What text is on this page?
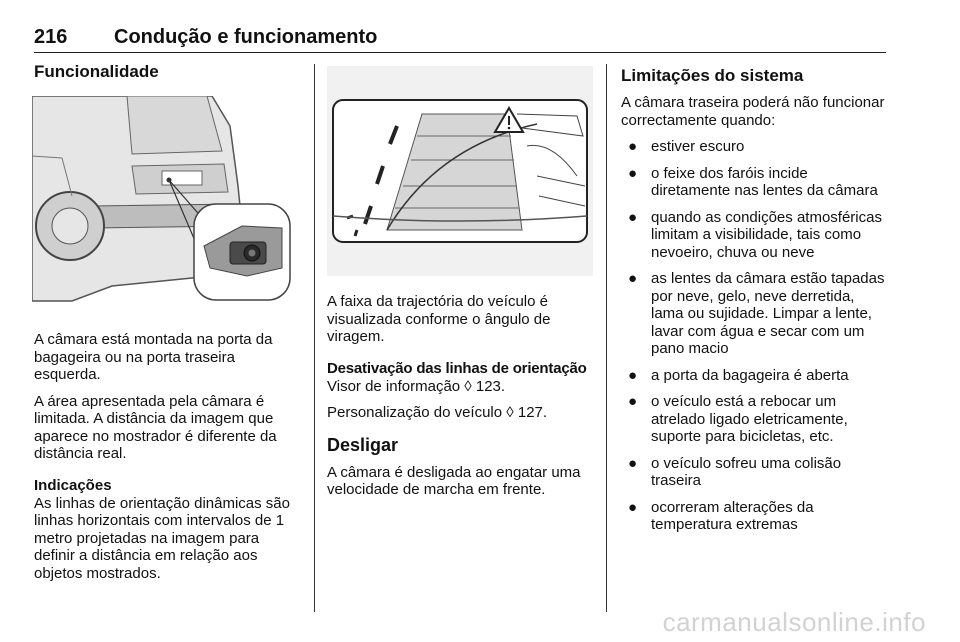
216 Condução e funcionamento
Funcionalidade

A câmara está montada na porta da bagageira ou na porta traseira esquerda.

A área apresentada pela câmara é limitada. A distância da imagem que aparece no mostrador é diferente da distância real.

Indicações

As linhas de orientação dinâmicas são linhas horizontais com intervalos de 1 metro projetadas na imagem para definir a distância em relação aos objetos mostrados.

A faixa da trajectória do veículo é visualizada conforme o ângulo de viragem.

Desativação das linhas de orientação

Visor de informação ◊ 123.

Personalização do veículo ◊ 127.

Desligar

A câmara é desligada ao engatar uma velocidade de marcha em frente.

Limitações do sistema

A câmara traseira poderá não funcionar correctamente quando:

● estiver escuro
● o feixe dos faróis incide diretamente nas lentes da câmara
● quando as condições atmosféricas limitam a visibilidade, tais como nevoeiro, chuva ou neve
● as lentes da câmara estão tapadas por neve, gelo, neve derretida, lama ou sujidade. Limpar a lente, lavar com água e secar com um pano macio
● a porta da bagageira é aberta
● o veículo está a rebocar um atrelado ligado eletricamente, suporte para bicicletas, etc.
● o veículo sofreu uma colisão traseira
● ocorreram alterações da temperatura extremas
carmanualsonline.info
